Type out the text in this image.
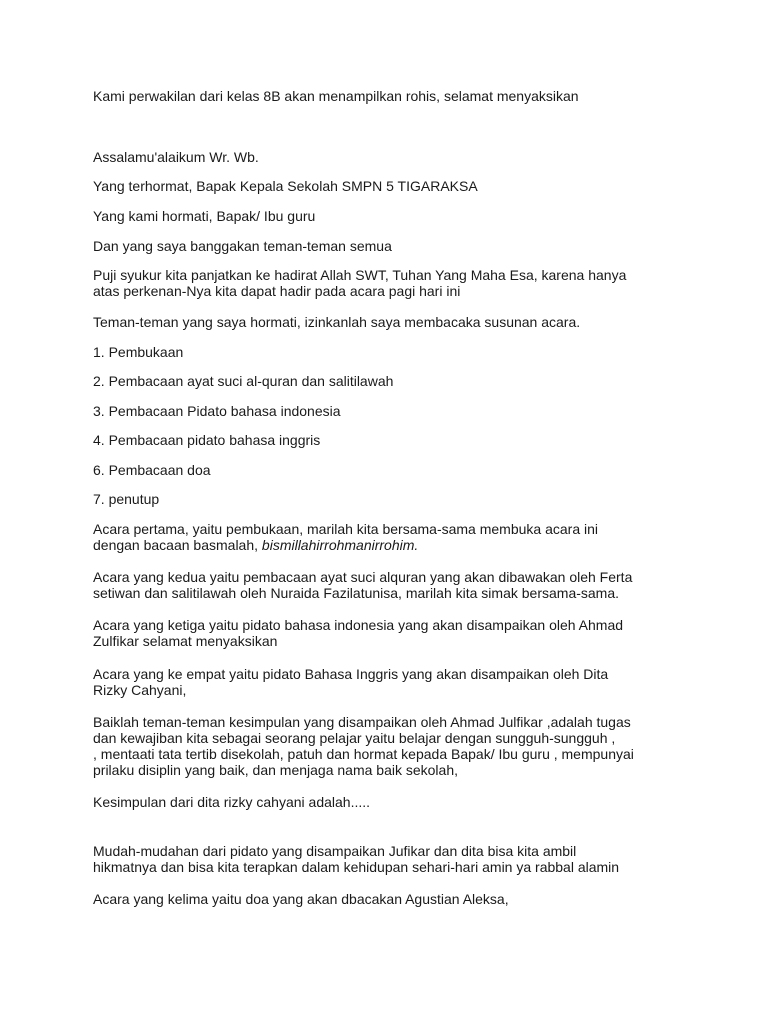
Kami perwakilan dari kelas 8B akan menampilkan rohis, selamat menyaksikan
Assalamu'alaikum Wr. Wb.
Yang terhormat, Bapak Kepala Sekolah SMPN 5 TIGARAKSA
Yang kami hormati, Bapak/ Ibu guru
Dan yang saya banggakan teman-teman semua
Puji syukur kita panjatkan ke hadirat Allah SWT, Tuhan Yang Maha Esa, karena hanya
atas perkenan-Nya kita dapat hadir pada acara pagi hari ini
Teman-teman yang saya hormati, izinkanlah saya membacaka susunan acara.
1. Pembukaan
2. Pembacaan ayat suci al-quran dan salitilawah
3. Pembacaan Pidato bahasa indonesia
4. Pembacaan pidato bahasa inggris
6. Pembacaan doa
7. penutup
Acara pertama, yaitu pembukaan, marilah kita bersama-sama membuka acara ini
dengan bacaan basmalah, bismillahirrohmanirrohim.
Acara yang kedua yaitu pembacaan ayat suci alquran yang akan dibawakan oleh Ferta
setiwan dan salitilawah oleh Nuraida Fazilatunisa, marilah kita simak bersama-sama.
Acara yang ketiga yaitu pidato bahasa indonesia yang akan disampaikan oleh Ahmad
Zulfikar selamat menyaksikan
Acara yang ke empat yaitu pidato Bahasa Inggris yang akan disampaikan oleh Dita
Rizky Cahyani,
Baiklah teman-teman kesimpulan yang disampaikan oleh Ahmad Julfikar ,adalah tugas
dan kewajiban kita sebagai seorang pelajar yaitu belajar dengan sungguh-sungguh ,
, mentaati tata tertib disekolah, patuh dan hormat kepada Bapak/ Ibu guru , mempunyai
prilaku disiplin yang baik, dan menjaga nama baik sekolah,
Kesimpulan dari dita rizky cahyani adalah.....
Mudah-mudahan dari pidato yang disampaikan Jufikar dan dita bisa kita ambil
hikmatnya dan bisa kita terapkan dalam kehidupan sehari-hari amin ya rabbal alamin
Acara yang kelima yaitu doa yang akan dbacakan Agustian Aleksa,
